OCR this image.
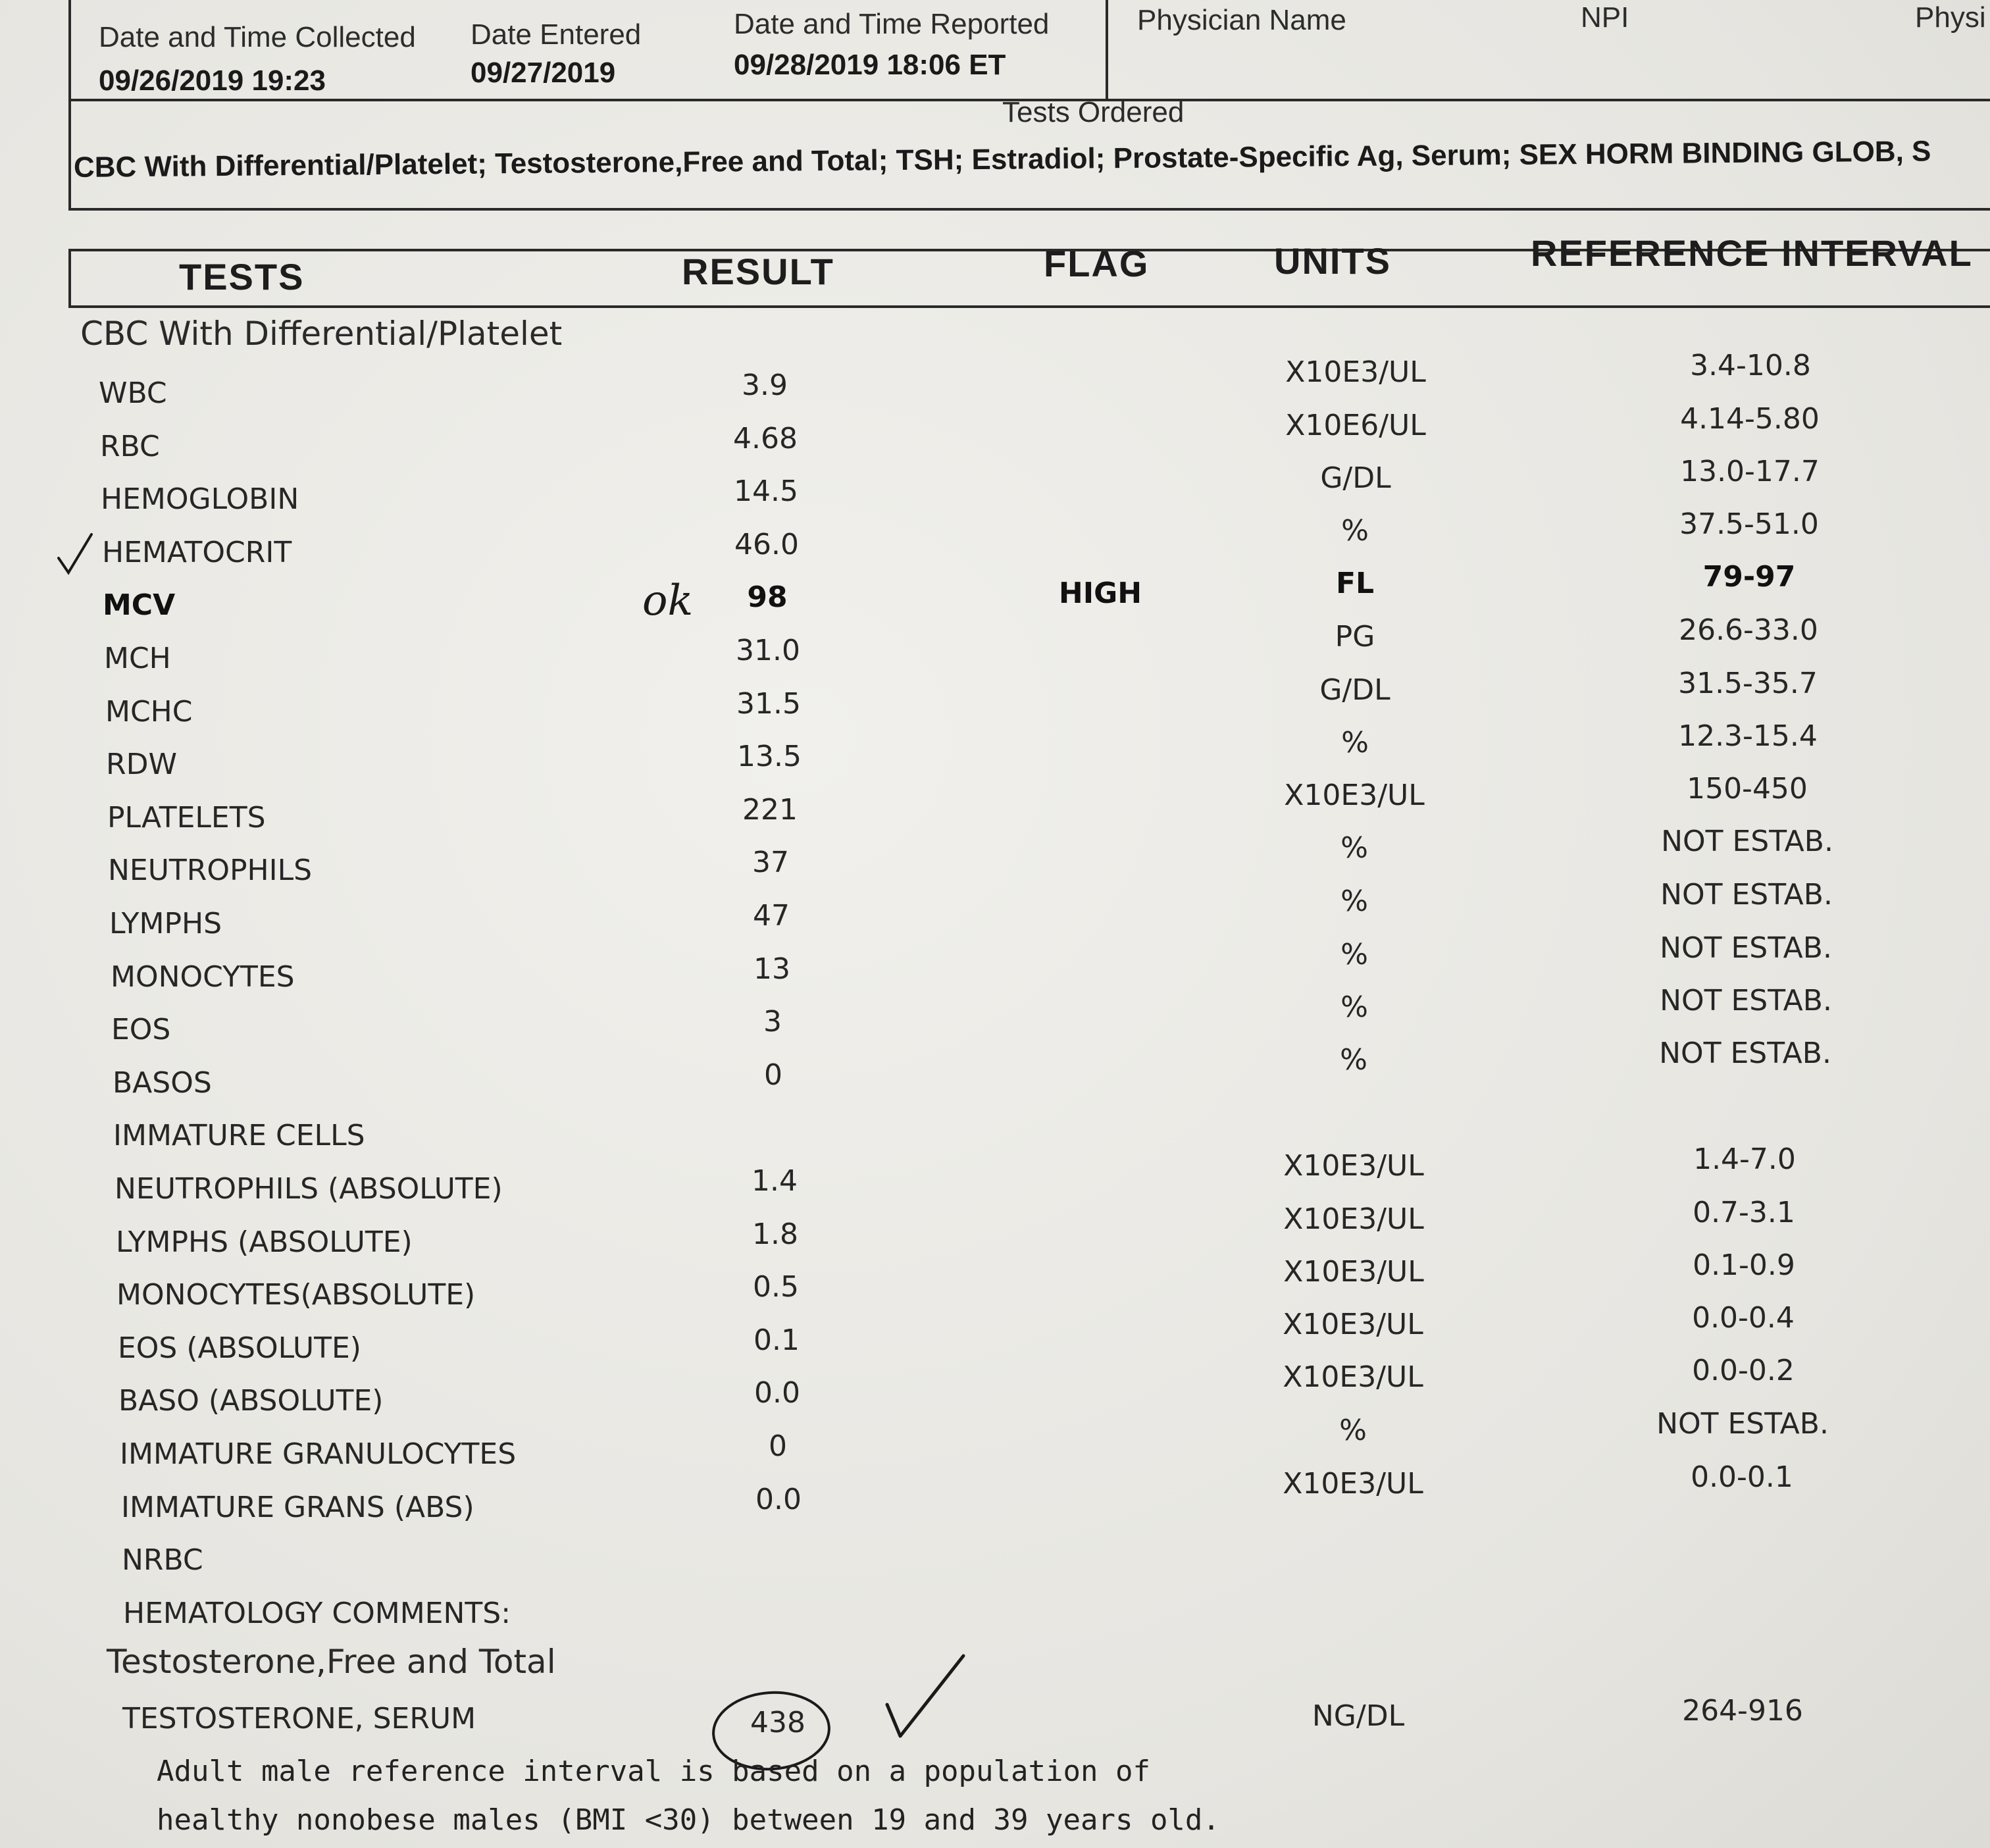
Date and Time Collected
09/26/2019 19:23
Date Entered
09/27/2019
Date and Time Reported
09/28/2019 18:06 ET
Physician Name	NPI	Physi
Tests Ordered
CBC With Differential/Platelet; Testosterone,Free and Total; TSH; Estradiol; Prostate-Specific Ag, Serum; SEX HORM BINDING GLOB, S
TESTS	RESULT	FLAG	UNITS	REFERENCE INTERVAL
CBC With Differential/Platelet
WBC	3.9	X10E3/UL	3.4-10.8
RBC	4.68	X10E6/UL	4.14-5.80
HEMOGLOBIN	14.5	G/DL	13.0-17.7
HEMATOCRIT	46.0	%	37.5-51.0
MCV	98	HIGH	FL	79-97
MCH	31.0	PG	26.6-33.0
MCHC	31.5	G/DL	31.5-35.7
RDW	13.5	%	12.3-15.4
PLATELETS	221	X10E3/UL	150-450
NEUTROPHILS	37	%	NOT ESTAB.
LYMPHS	47	%	NOT ESTAB.
MONOCYTES	13	%	NOT ESTAB.
EOS	3	%	NOT ESTAB.
BASOS	0	%	NOT ESTAB.
IMMATURE CELLS
NEUTROPHILS (ABSOLUTE)	1.4	X10E3/UL	1.4-7.0
LYMPHS (ABSOLUTE)	1.8	X10E3/UL	0.7-3.1
MONOCYTES(ABSOLUTE)	0.5	X10E3/UL	0.1-0.9
EOS (ABSOLUTE)	0.1	X10E3/UL	0.0-0.4
BASO (ABSOLUTE)	0.0	X10E3/UL	0.0-0.2
IMMATURE GRANULOCYTES	0	%	NOT ESTAB.
IMMATURE GRANS (ABS)	0.0	X10E3/UL	0.0-0.1
NRBC
HEMATOLOGY COMMENTS:
ok
Testosterone,Free and Total
TESTOSTERONE, SERUM	438	NG/DL	264-916
Adult male reference interval is based on a population of
healthy nonobese males (BMI <30) between 19 and 39 years old.
